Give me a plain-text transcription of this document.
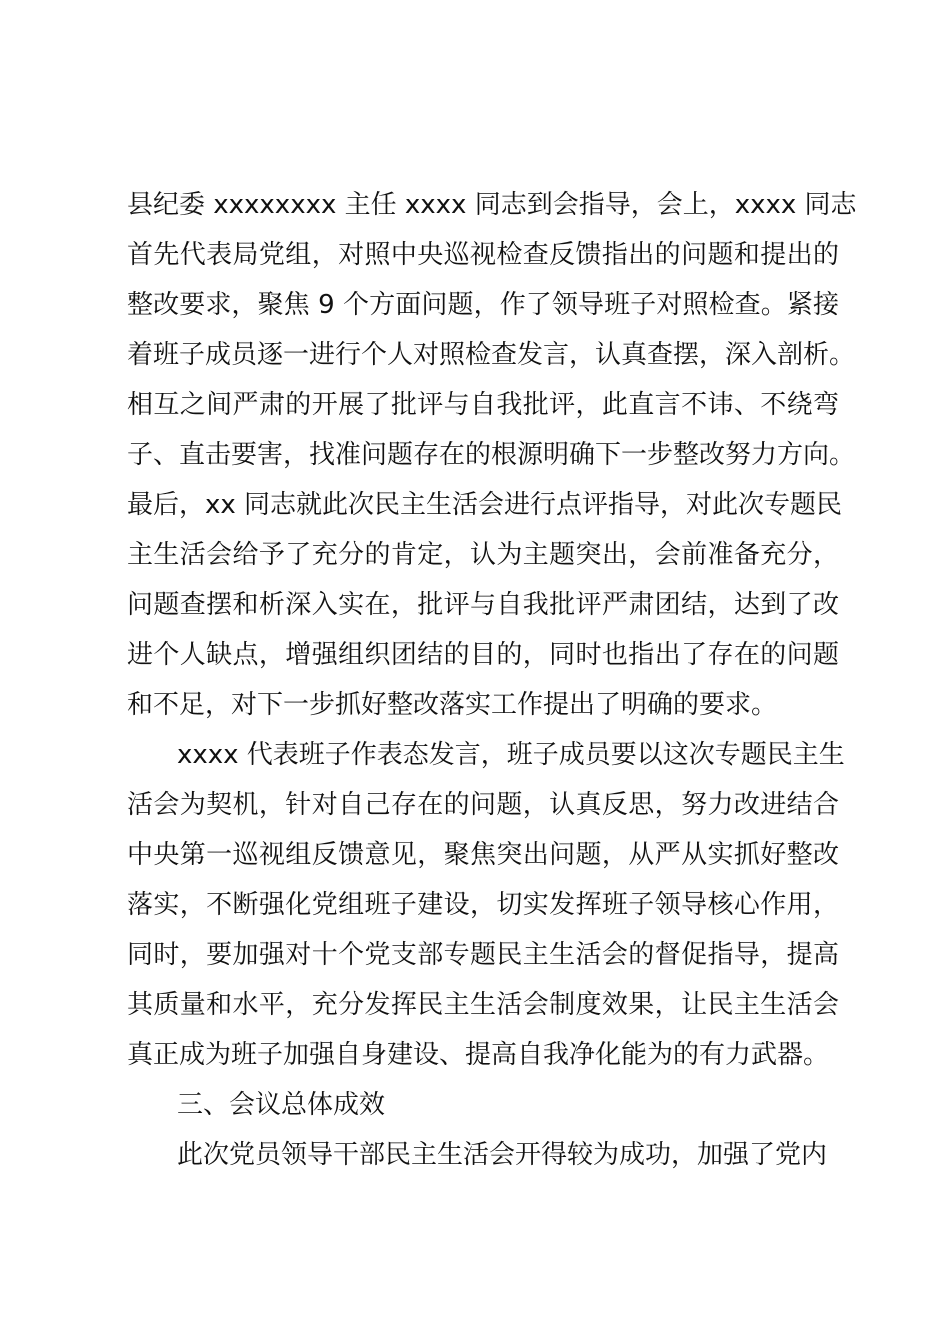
县纪委 xxxxxxxx 主任 xxxx 同志到会指导，会上，xxxx 同志
首先代表局党组，对照中央巡视检查反馈指出的问题和提出的
整改要求，聚焦 9 个方面问题，作了领导班子对照检查。紧接
着班子成员逐一进行个人对照检查发言，认真查摆，深入剖析。
相互之间严肃的开展了批评与自我批评，此直言不讳、不绕弯
子、直击要害，找准问题存在的根源明确下一步整改努力方向。
最后，xx 同志就此次民主生活会进行点评指导，对此次专题民
主生活会给予了充分的肯定，认为主题突出，会前准备充分，
问题查摆和析深入实在，批评与自我批评严肃团结，达到了改
进个人缺点，增强组织团结的目的，同时也指出了存在的问题
和不足，对下一步抓好整改落实工作提出了明确的要求。
xxxx 代表班子作表态发言，班子成员要以这次专题民主生
活会为契机，针对自己存在的问题，认真反思，努力改进结合
中央第一巡视组反馈意见，聚焦突出问题，从严从实抓好整改
落实，不断强化党组班子建设，切实发挥班子领导核心作用，
同时，要加强对十个党支部专题民主生活会的督促指导，提高
其质量和水平，充分发挥民主生活会制度效果，让民主生活会
真正成为班子加强自身建设、提高自我净化能为的有力武器。
三、会议总体成效
此次党员领导干部民主生活会开得较为成功，加强了党内
